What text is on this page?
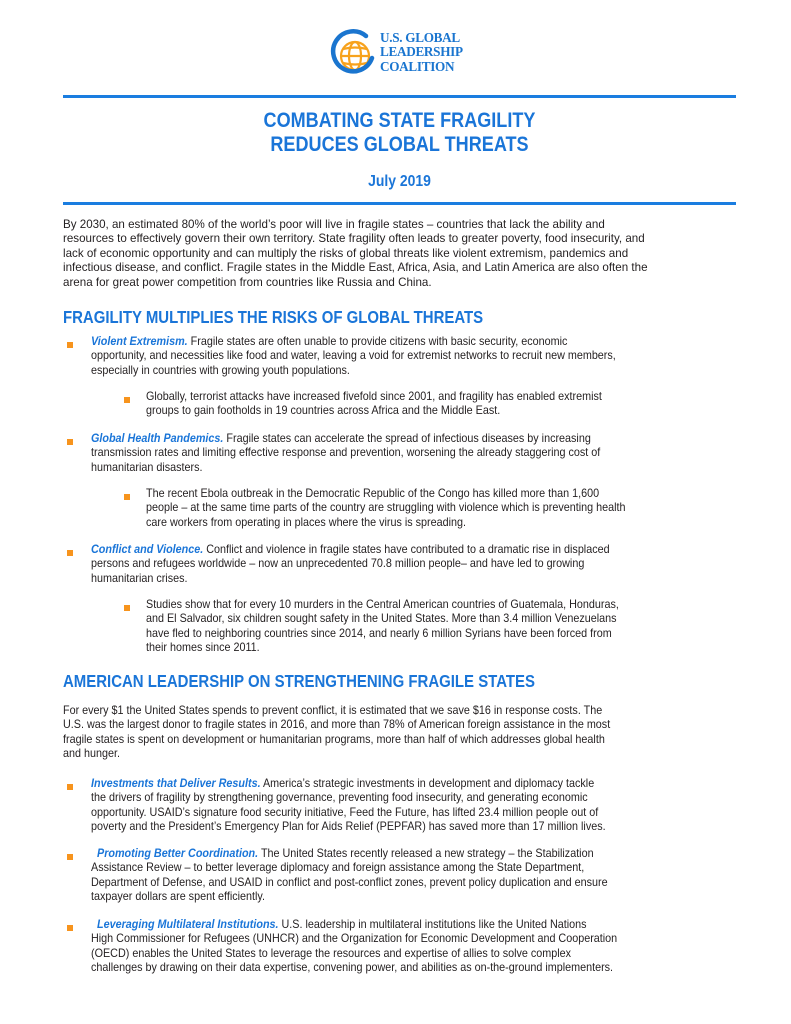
U.S. GLOBAL
LEADERSHIP
COALITION
COMBATING STATE FRAGILITY
REDUCES GLOBAL THREATS
July 2019
By 2030, an estimated 80% of the world’s poor will live in fragile states – countries that lack the ability and
resources to effectively govern their own territory. State fragility often leads to greater poverty, food insecurity, and
lack of economic opportunity and can multiply the risks of global threats like violent extremism, pandemics and
infectious disease, and conflict. Fragile states in the Middle East, Africa, Asia, and Latin America are also often the
arena for great power competition from countries like Russia and China.
FRAGILITY MULTIPLIES THE RISKS OF GLOBAL THREATS
Violent Extremism. Fragile states are often unable to provide citizens with basic security, economic
opportunity, and necessities like food and water, leaving a void for extremist networks to recruit new members,
especially in countries with growing youth populations.
Globally, terrorist attacks have increased fivefold since 2001, and fragility has enabled extremist
groups to gain footholds in 19 countries across Africa and the Middle East.
Global Health Pandemics. Fragile states can accelerate the spread of infectious diseases by increasing
transmission rates and limiting effective response and prevention, worsening the already staggering cost of
humanitarian disasters.
The recent Ebola outbreak in the Democratic Republic of the Congo has killed more than 1,600
people – at the same time parts of the country are struggling with violence which is preventing health
care workers from operating in places where the virus is spreading.
Conflict and Violence. Conflict and violence in fragile states have contributed to a dramatic rise in displaced
persons and refugees worldwide – now an unprecedented 70.8 million people– and have led to growing
humanitarian crises.
Studies show that for every 10 murders in the Central American countries of Guatemala, Honduras,
and El Salvador, six children sought safety in the United States. More than 3.4 million Venezuelans
have fled to neighboring countries since 2014, and nearly 6 million Syrians have been forced from
their homes since 2011.
AMERICAN LEADERSHIP ON STRENGTHENING FRAGILE STATES
For every $1 the United States spends to prevent conflict, it is estimated that we save $16 in response costs. The
U.S. was the largest donor to fragile states in 2016, and more than 78% of American foreign assistance in the most
fragile states is spent on development or humanitarian programs, more than half of which addresses global health
and hunger.
Investments that Deliver Results. America’s strategic investments in development and diplomacy tackle
the drivers of fragility by strengthening governance, preventing food insecurity, and generating economic
opportunity. USAID’s signature food security initiative, Feed the Future, has lifted 23.4 million people out of
poverty and the President’s Emergency Plan for Aids Relief (PEPFAR) has saved more than 17 million lives.
Promoting Better Coordination. The United States recently released a new strategy – the Stabilization
Assistance Review – to better leverage diplomacy and foreign assistance among the State Department,
Department of Defense, and USAID in conflict and post-conflict zones, prevent policy duplication and ensure
taxpayer dollars are spent efficiently.
Leveraging Multilateral Institutions. U.S. leadership in multilateral institutions like the United Nations
High Commissioner for Refugees (UNHCR) and the Organization for Economic Development and Cooperation
(OECD) enables the United States to leverage the resources and expertise of allies to solve complex
challenges by drawing on their data expertise, convening power, and abilities as on-the-ground implementers.
